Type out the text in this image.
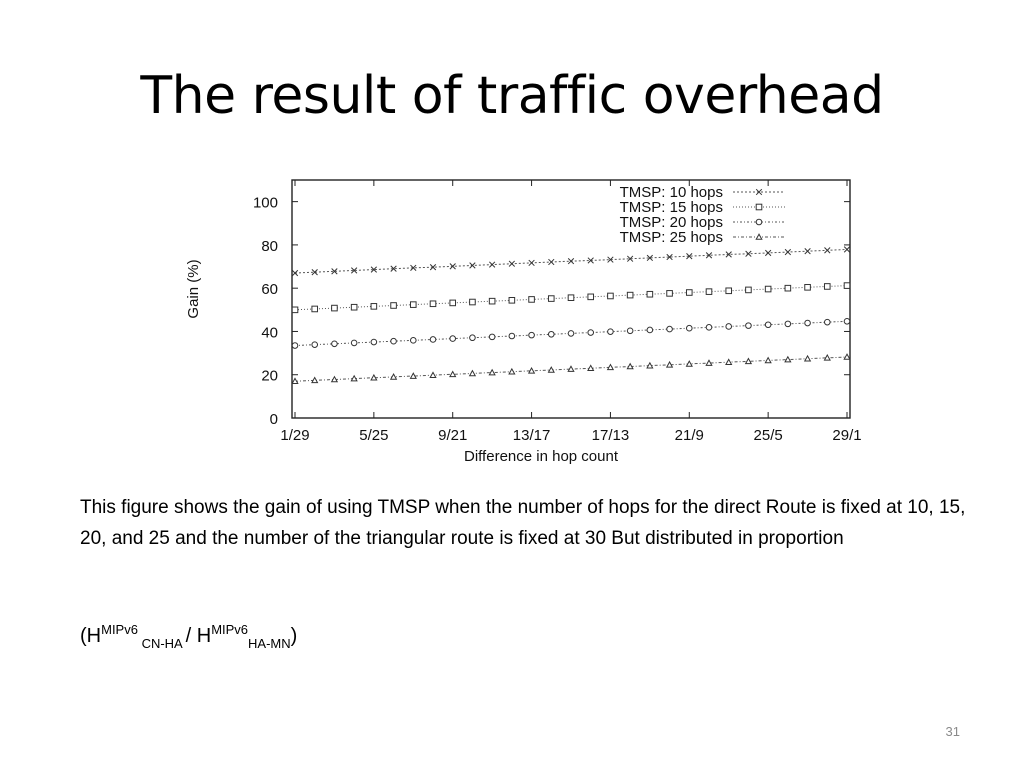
The result of traffic overhead
0
20
40
60
80
100
1/29	5/25	9/21	13/17	17/13	21/9	25/5	29/1
Difference in hop count
Gain (%)
TMSP: 10 hops
TMSP: 15 hops
TMSP: 20 hops
TMSP: 25 hops
This figure shows the gain of using TMSP when the number of hops for the direct Route is fixed at 10, 15, 20, and 25 and the number of the triangular route is fixed at 30 But distributed in proportion
($H^{MIPv6}$ $_{CN-HA} / H^{MIPv6}_{HA-MN}$)
31
